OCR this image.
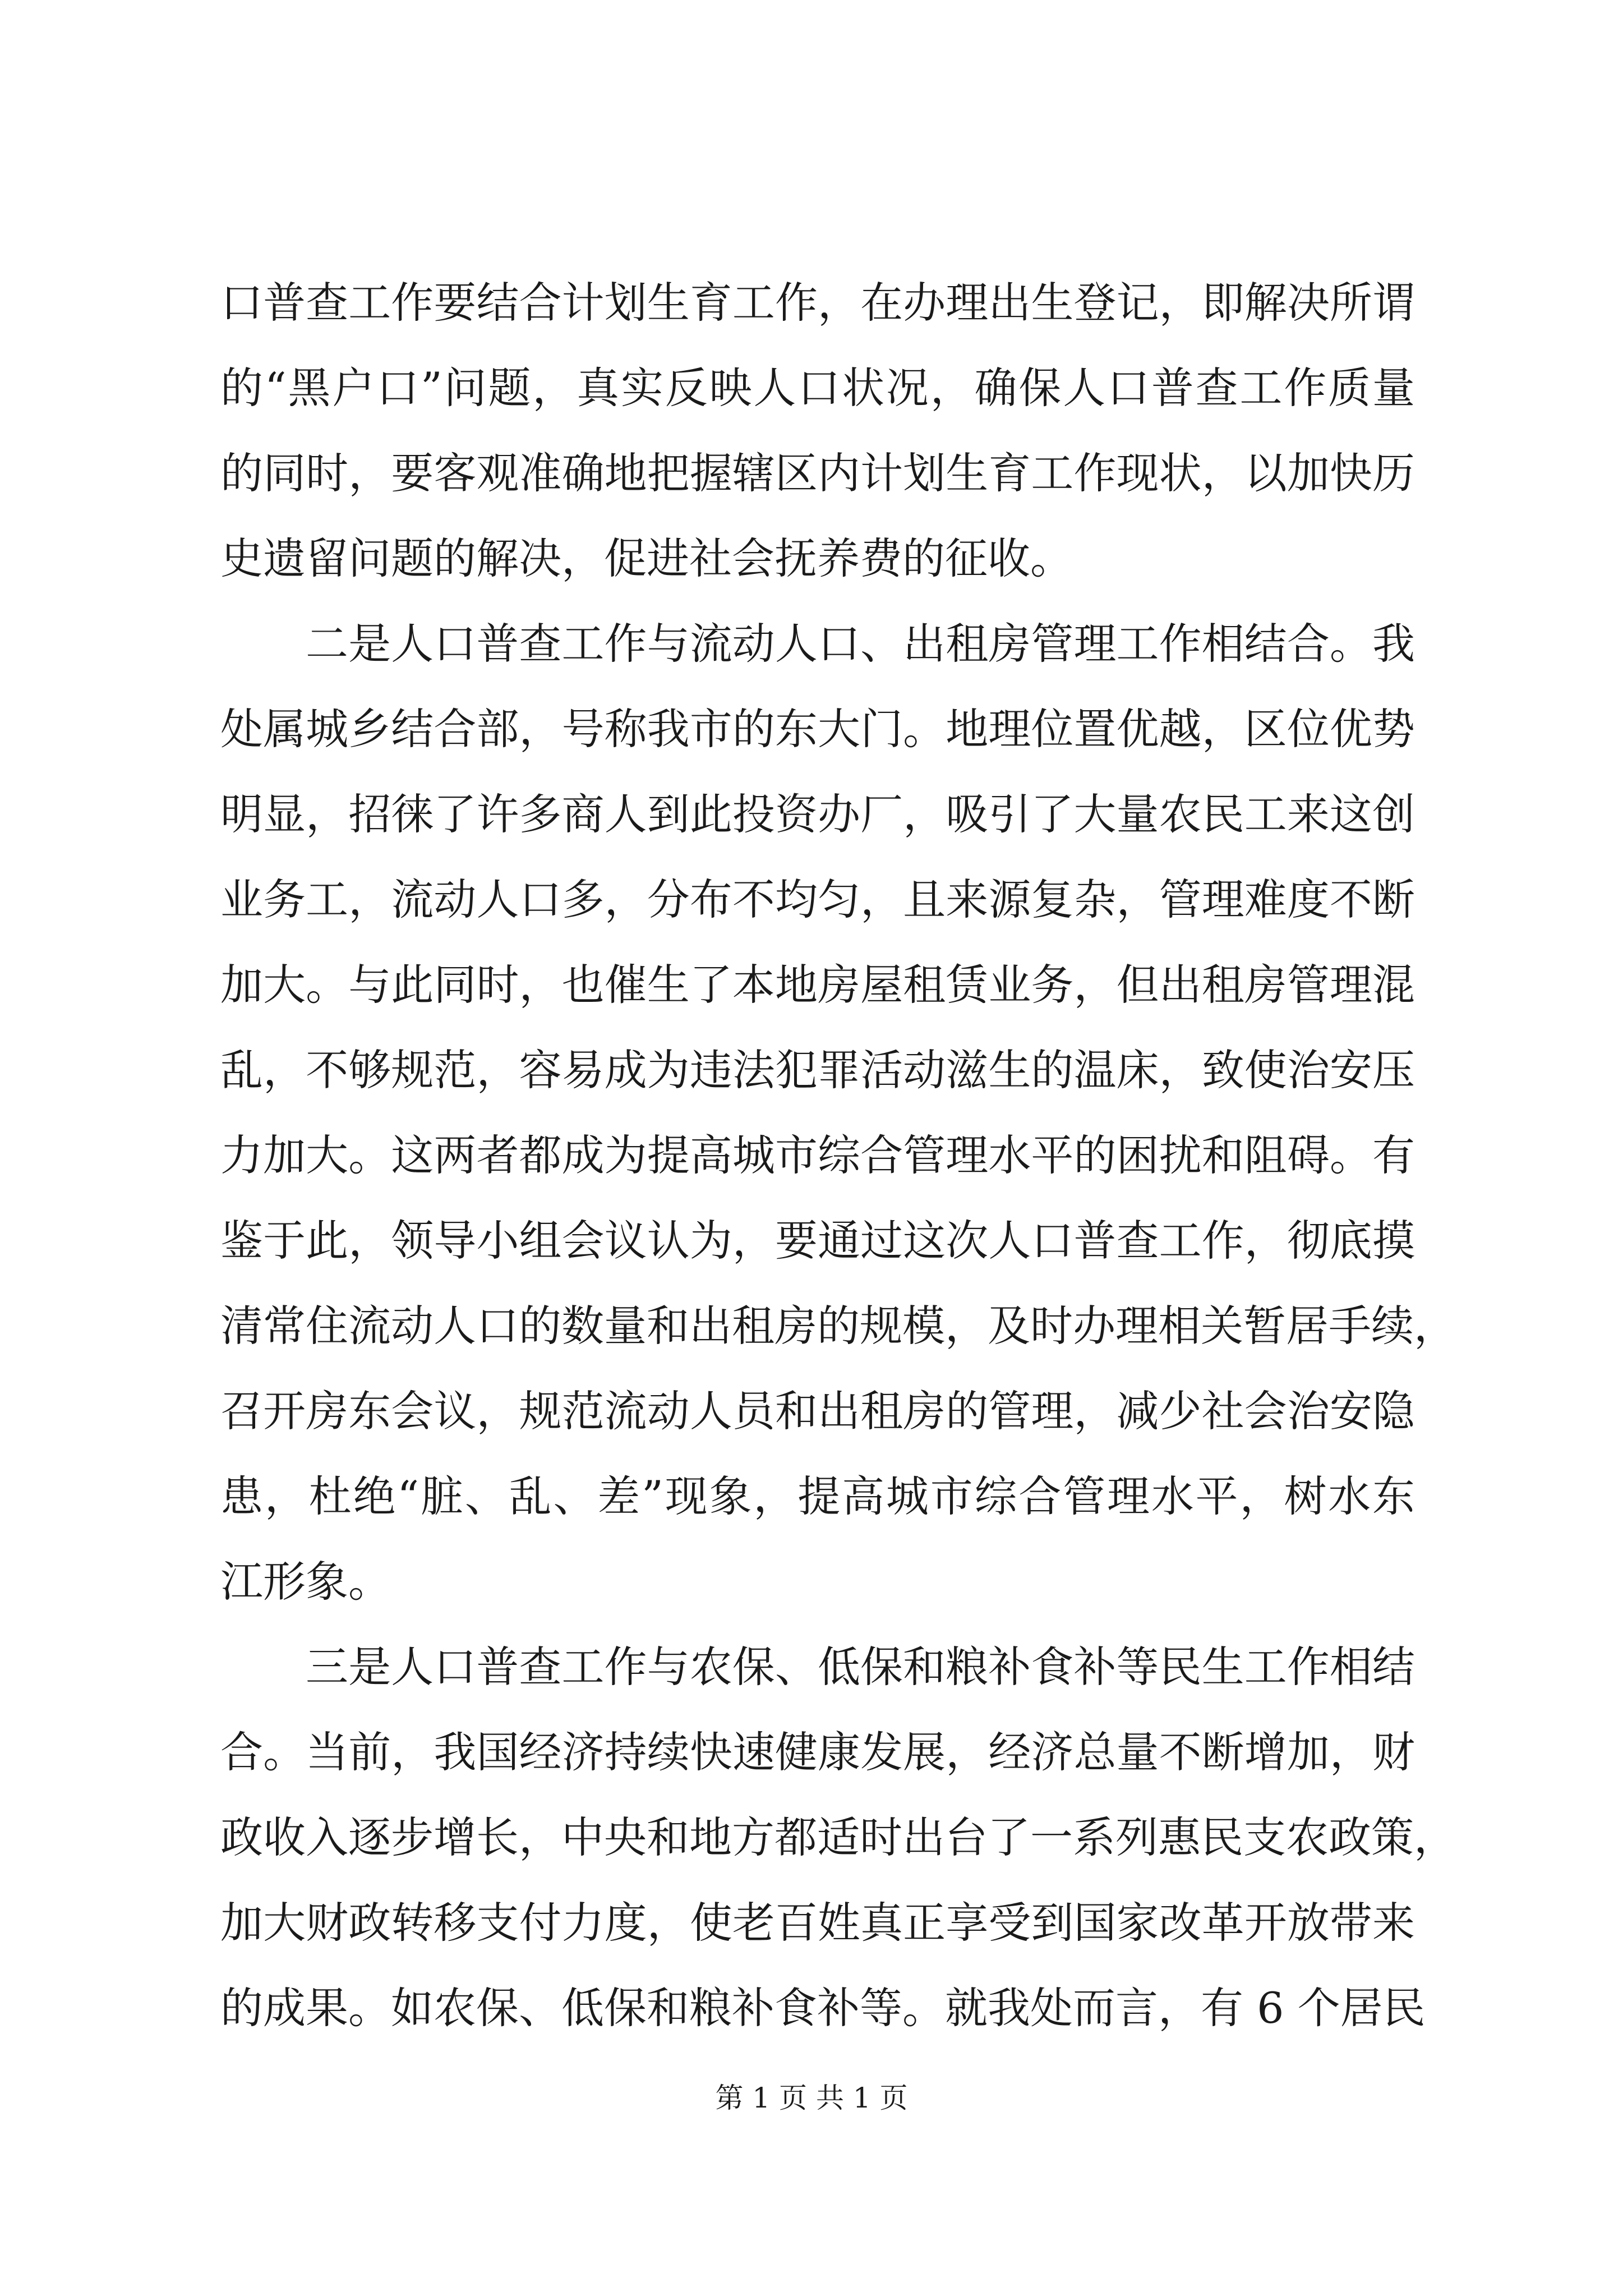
口普查工作要结合计划生育工作，在办理出生登记，即解决所谓
的“黑户口”问题，真实反映人口状况，确保人口普查工作质量
的同时，要客观准确地把握辖区内计划生育工作现状，以加快历
史遗留问题的解决，促进社会抚养费的征收。
二是人口普查工作与流动人口、出租房管理工作相结合。我
处属城乡结合部，号称我市的东大门。地理位置优越，区位优势
明显，招徕了许多商人到此投资办厂，吸引了大量农民工来这创
业务工，流动人口多，分布不均匀，且来源复杂，管理难度不断
加大。与此同时，也催生了本地房屋租赁业务，但出租房管理混
乱，不够规范，容易成为违法犯罪活动滋生的温床，致使治安压
力加大。这两者都成为提高城市综合管理水平的困扰和阻碍。有
鉴于此，领导小组会议认为，要通过这次人口普查工作，彻底摸
清常住流动人口的数量和出租房的规模，及时办理相关暂居手续，
召开房东会议，规范流动人员和出租房的管理，减少社会治安隐
患，杜绝“脏、乱、差”现象，提高城市综合管理水平，树水东
江形象。
三是人口普查工作与农保、低保和粮补食补等民生工作相结
合。当前，我国经济持续快速健康发展，经济总量不断增加，财
政收入逐步增长，中央和地方都适时出台了一系列惠民支农政策，
加大财政转移支付力度，使老百姓真正享受到国家改革开放带来
的成果。如农保、低保和粮补食补等。就我处而言，有 6 个居民
第 1 页 共 1 页
